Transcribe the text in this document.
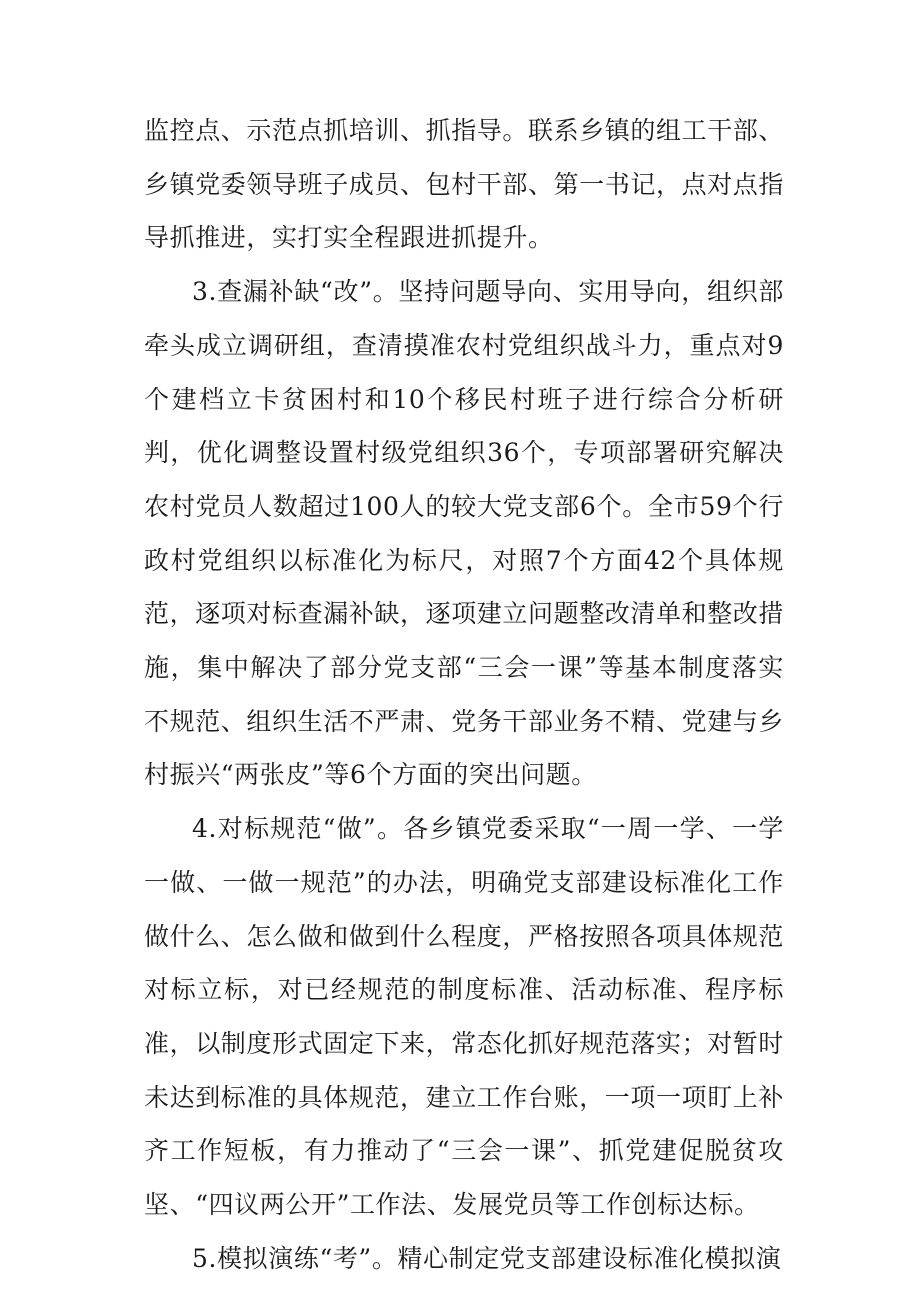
监控点、示范点抓培训、抓指导。联系乡镇的组工干部、乡镇党委领导班子成员、包村干部、第一书记，点对点指导抓推进，实打实全程跟进抓提升。

3.查漏补缺“改”。坚持问题导向、实用导向，组织部牵头成立调研组，查清摸准农村党组织战斗力，重点对9个建档立卡贫困村和10个移民村班子进行综合分析研判，优化调整设置村级党组织36个，专项部署研究解决农村党员人数超过100人的较大党支部6个。全市59个行政村党组织以标准化为标尺，对照7个方面42个具体规范，逐项对标查漏补缺，逐项建立问题整改清单和整改措施，集中解决了部分党支部“三会一课”等基本制度落实不规范、组织生活不严肃、党务干部业务不精、党建与乡村振兴“两张皮”等6个方面的突出问题。

4.对标规范“做”。各乡镇党委采取“一周一学、一学一做、一做一规范”的办法，明确党支部建设标准化工作做什么、怎么做和做到什么程度，严格按照各项具体规范对标立标，对已经规范的制度标准、活动标准、程序标准，以制度形式固定下来，常态化抓好规范落实；对暂时未达到标准的具体规范，建立工作台账，一项一项盯上补齐工作短板，有力推动了“三会一课”、抓党建促脱贫攻坚、“四议两公开”工作法、发展党员等工作创标达标。

5.模拟演练“考”。精心制定党支部建设标准化模拟演
